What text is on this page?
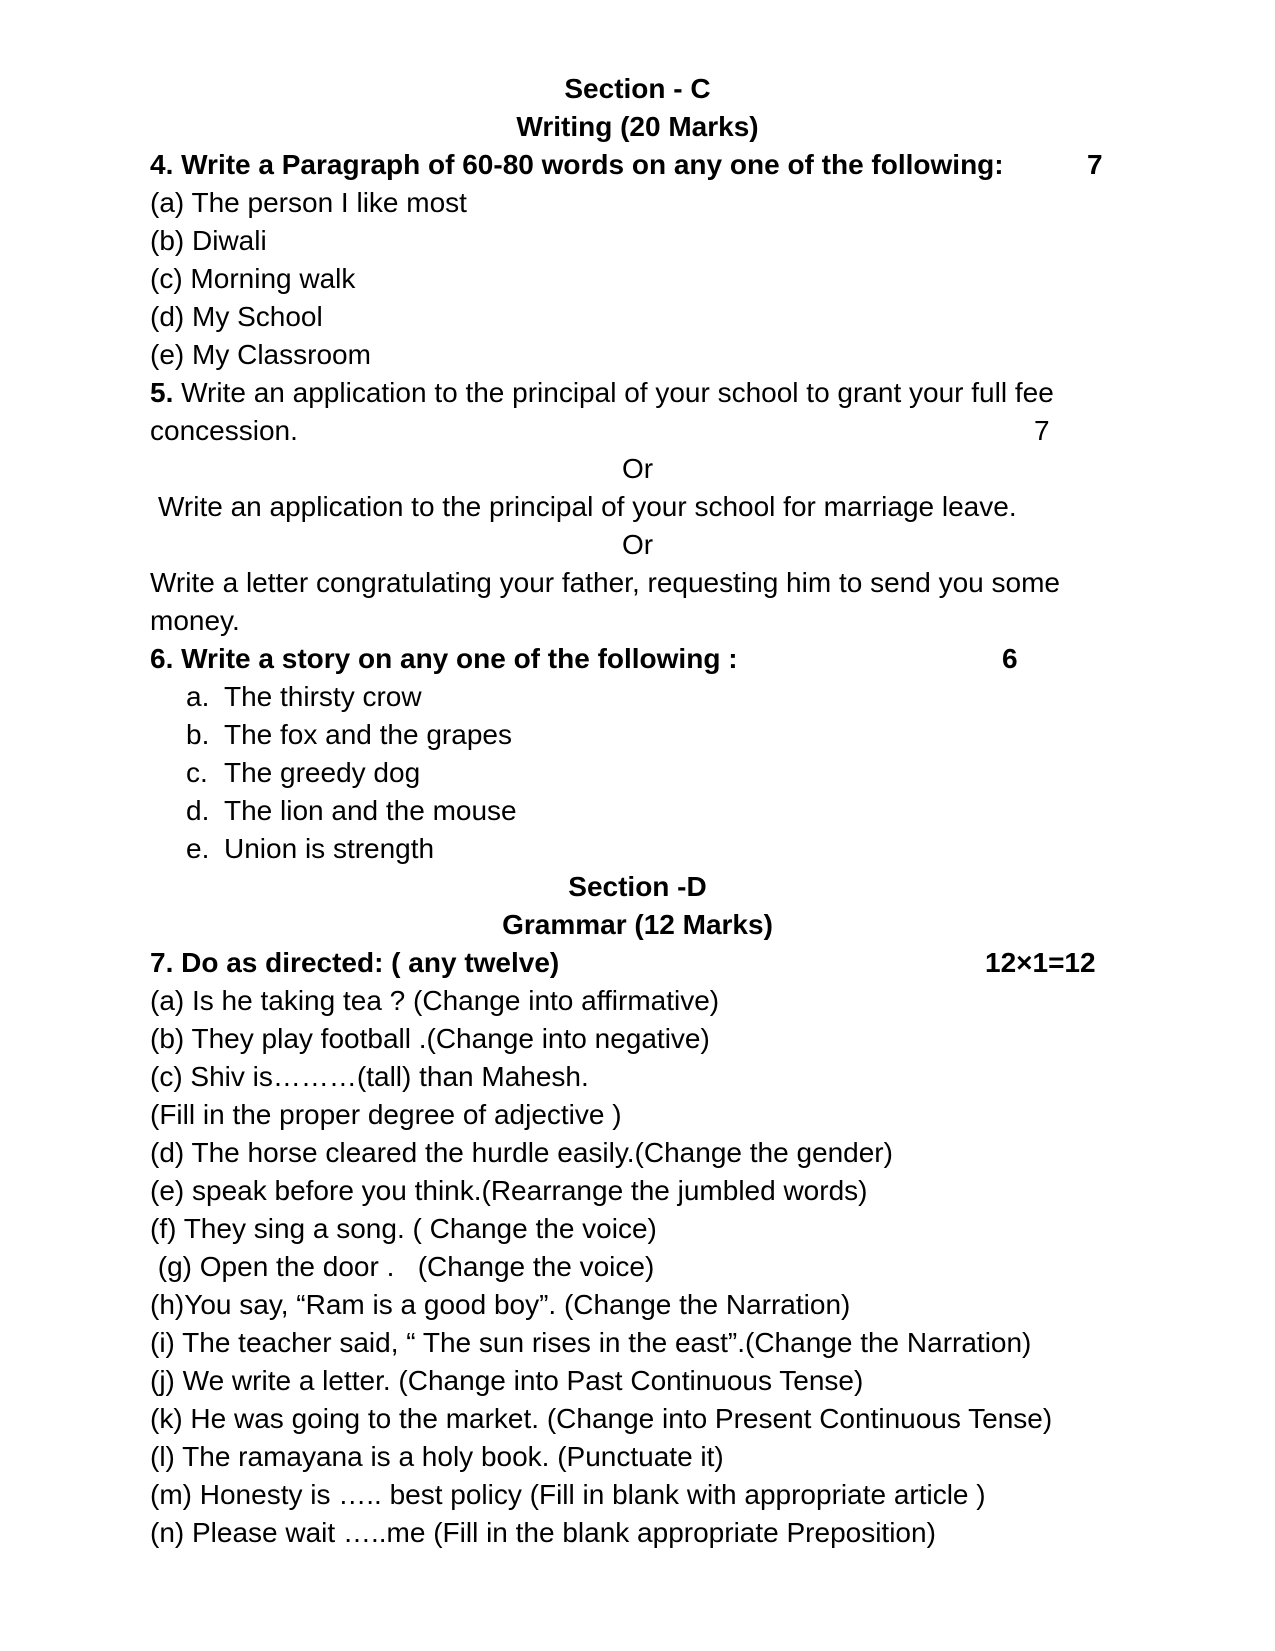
Section - C
Writing (20 Marks)
4. Write a Paragraph of 60-80 words on any one of the following:	7
(a) The person I like most
(b) Diwali
(c) Morning walk
(d) My School
(e) My Classroom
5. Write an application to the principal of your school to grant your full fee
concession.	7
Or
Write an application to the principal of your school for marriage leave.
Or
Write a letter congratulating your father, requesting him to send you some
money.
6. Write a story on any one of the following :	6
a. The thirsty crow
b. The fox and the grapes
c. The greedy dog
d. The lion and the mouse
e. Union is strength
Section -D
Grammar (12 Marks)
7. Do as directed: ( any twelve)	12×1=12
(a) Is he taking tea ? (Change into affirmative)
(b) They play football .(Change into negative)
(c) Shiv is………(tall) than Mahesh.
(Fill in the proper degree of adjective )
(d) The horse cleared the hurdle easily.(Change the gender)
(e) speak before you think.(Rearrange the jumbled words)
(f) They sing a song. ( Change the voice)
(g) Open the door .   (Change the voice)
(h)You say, “Ram is a good boy”. (Change the Narration)
(i) The teacher said, “ The sun rises in the east”.(Change the Narration)
(j) We write a letter. (Change into Past Continuous Tense)
(k) He was going to the market. (Change into Present Continuous Tense)
(l) The ramayana is a holy book. (Punctuate it)
(m) Honesty is ….. best policy (Fill in blank with appropriate article )
(n) Please wait …..me (Fill in the blank appropriate Preposition)
